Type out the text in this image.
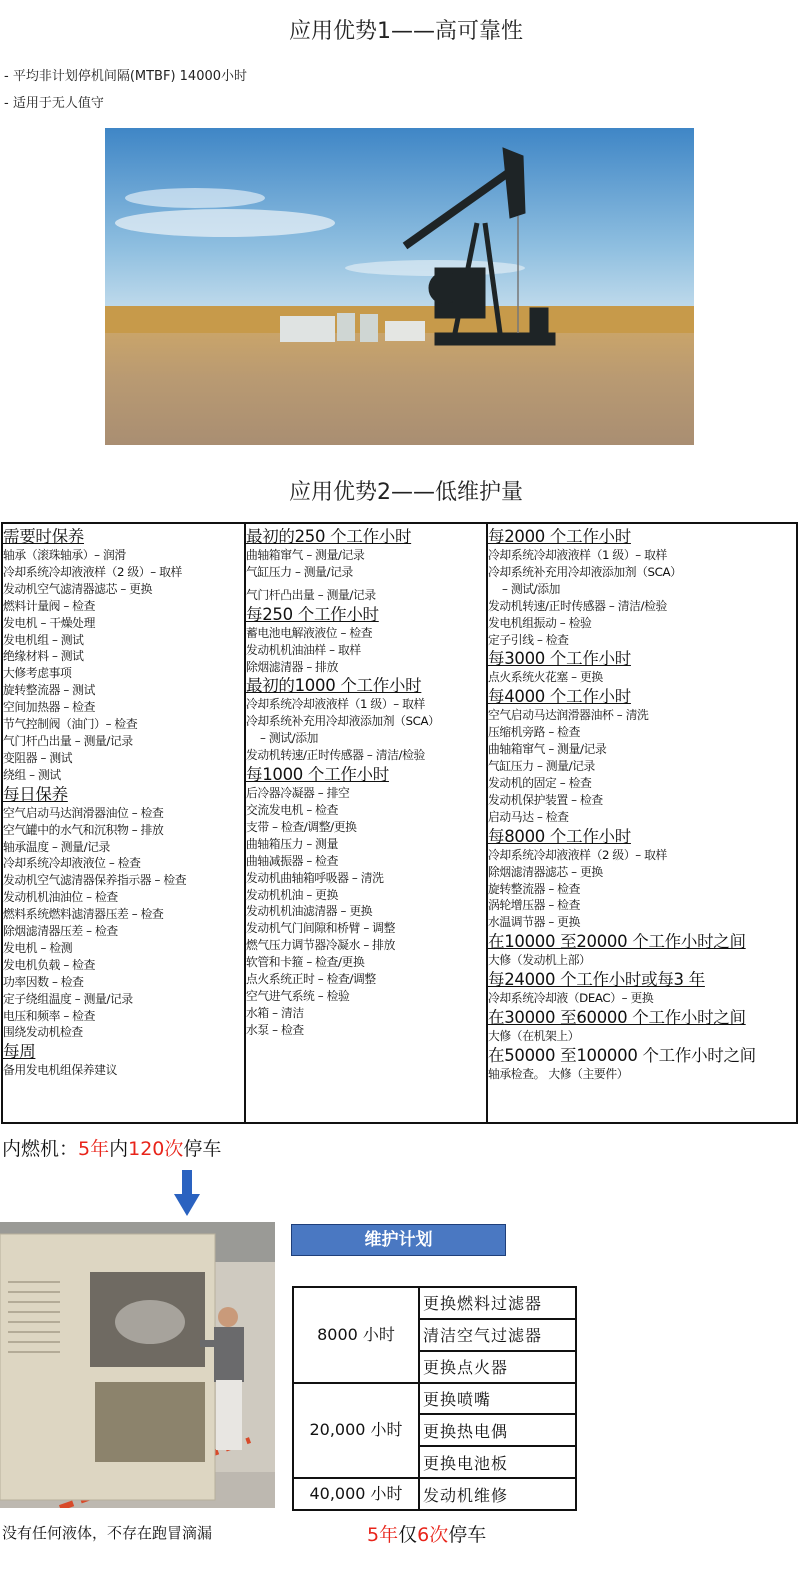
应用优势1——高可靠性
- 平均非计划停机间隔(MTBF) 14000小时
- 适用于无人值守
应用优势2——低维护量
需要时保养
轴承（滚珠轴承）– 润滑
冷却系统冷却液液样（2 级）– 取样
发动机空气滤清器滤芯 – 更换
燃料计量阀 – 检查
发电机 – 干燥处理
发电机组 – 测试
绝缘材料 – 测试
大修考虑事项
旋转整流器 – 测试
空间加热器 – 检查
节气控制阀（油门）– 检查
气门杆凸出量 – 测量/记录
变阻器 – 测试
绕组 – 测试
每日保养
空气启动马达润滑器油位 – 检查
空气罐中的水气和沉积物 – 排放
轴承温度 – 测量/记录
冷却系统冷却液液位 – 检查
发动机空气滤清器保养指示器 – 检查
发动机机油油位 – 检查
燃料系统燃料滤清器压差 – 检查
除烟滤清器压差 – 检查
发电机 – 检测
发电机负载 – 检查
功率因数 – 检查
定子绕组温度 – 测量/记录
电压和频率 – 检查
围绕发动机检查
每周
备用发电机组保养建议
最初的250 个工作小时
曲轴箱窜气 – 测量/记录
气缸压力 – 测量/记录
气门杆凸出量 – 测量/记录
每250 个工作小时
蓄电池电解液液位 – 检查
发动机机油油样 – 取样
除烟滤清器 – 排放
最初的1000 个工作小时
冷却系统冷却液液样（1 级）– 取样
冷却系统补充用冷却液添加剂（SCA）
– 测试/添加
发动机转速/正时传感器 – 清洁/检验
每1000 个工作小时
后冷器冷凝器 – 排空
交流发电机 – 检查
支带 – 检查/调整/更换
曲轴箱压力 – 测量
曲轴减振器 – 检查
发动机曲轴箱呼吸器 – 清洗
发动机机油 – 更换
发动机机油滤清器 – 更换
发动机气门间隙和桥臂 – 调整
燃气压力调节器冷凝水 – 排放
软管和卡箍 – 检查/更换
点火系统正时 – 检查/调整
空气进气系统 – 检验
水箱 – 清洁
水泵 – 检查
每2000 个工作小时
冷却系统冷却液液样（1 级）– 取样
冷却系统补充用冷却液添加剂（SCA）
– 测试/添加
发动机转速/正时传感器 – 清洁/检验
发电机组振动 – 检验
定子引线 – 检查
每3000 个工作小时
点火系统火花塞 – 更换
每4000 个工作小时
空气启动马达润滑器油杯 – 清洗
压缩机旁路 – 检查
曲轴箱窜气 – 测量/记录
气缸压力 – 测量/记录
发动机的固定 – 检查
发动机保护装置 – 检查
启动马达 – 检查
每8000 个工作小时
冷却系统冷却液液样（2 级）– 取样
除烟滤清器滤芯 – 更换
旋转整流器 – 检查
涡轮增压器 – 检查
水温调节器 – 更换
在10000 至20000 个工作小时之间
大修（发动机上部）
每24000 个工作小时或每3 年
冷却系统冷却液（DEAC）– 更换
在30000 至60000 个工作小时之间
大修（在机架上）
在50000 至100000 个工作小时之间
轴承检查。 大修（主要件）
内燃机：5年内120次停车
维护计划
8000 小时	更换燃料过滤器
	清洁空气过滤器
	更换点火器
20,000 小时	更换喷嘴
	更换热电偶
	更换电池板
40,000 小时	发动机维修
没有任何液体，不存在跑冒滴漏	5年仅6次停车
